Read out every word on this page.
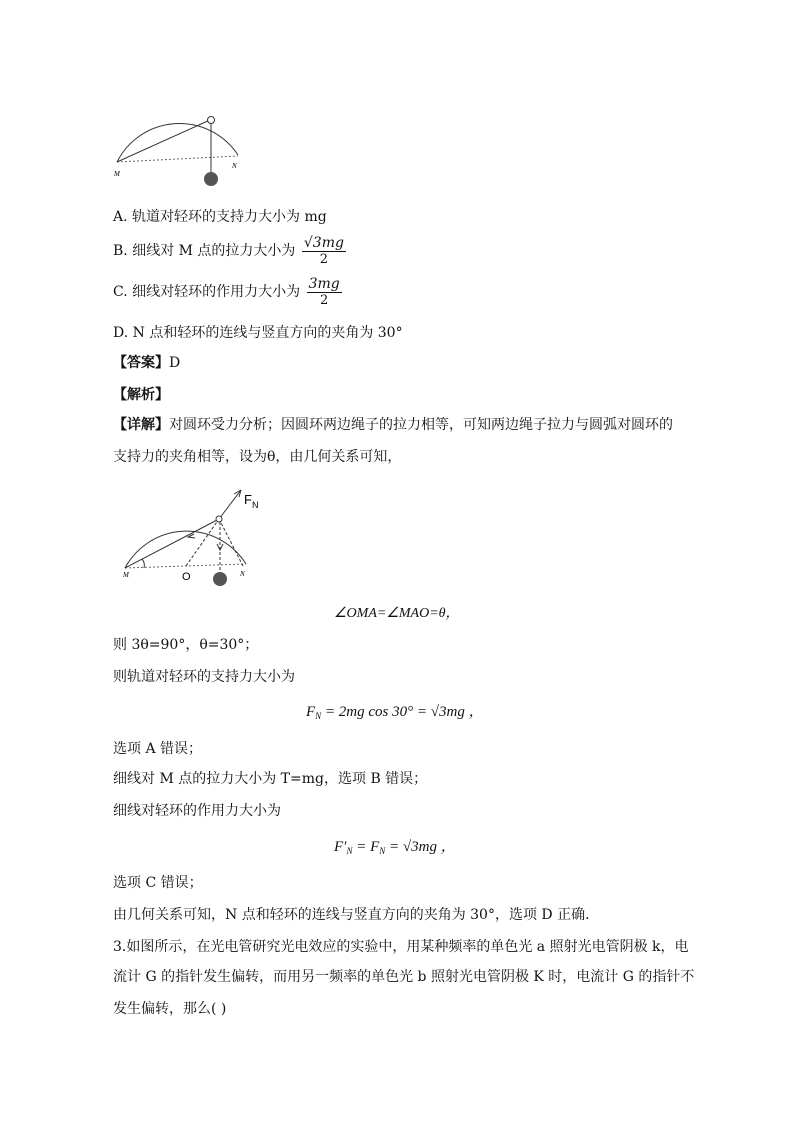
M
N
A. 轨道对轻环的支持力大小为 mg
B. 细线对 M 点的拉力大小为 $\frac{√3mg}{2}$
C. 细线对轻环的作用力大小为 $\frac{3mg}{2}$
D. N 点和轻环的连线与竖直方向的夹角为 30°
【答案】D
【解析】
【详解】对圆环受力分析；因圆环两边绳子的拉力相等，可知两边绳子拉力与圆弧对圆环的
支持力的夹角相等，设为θ，由几何关系可知，
$F_N$
M	O	N
∠OMA=∠MAO=θ，
则 3θ=90°，θ=30°；
则轨道对轻环的支持力大小为
$F_N = 2mg$ cos 30° = √3mg ，
选项 A 错误；
细线对 M 点的拉力大小为 T=mg，选项 B 错误；
细线对轻环的作用力大小为
$F'_N = F_N = √3mg$ ，
选项 C 错误；
由几何关系可知，N 点和轻环的连线与竖直方向的夹角为 30°，选项 D 正确．
3.如图所示，在光电管研究光电效应的实验中，用某种频率的单色光 a 照射光电管阴极 k，电
流计 G 的指针发生偏转，而用另一频率的单色光 b 照射光电管阴极 K 时，电流计 G 的指针不
发生偏转，那么( )
